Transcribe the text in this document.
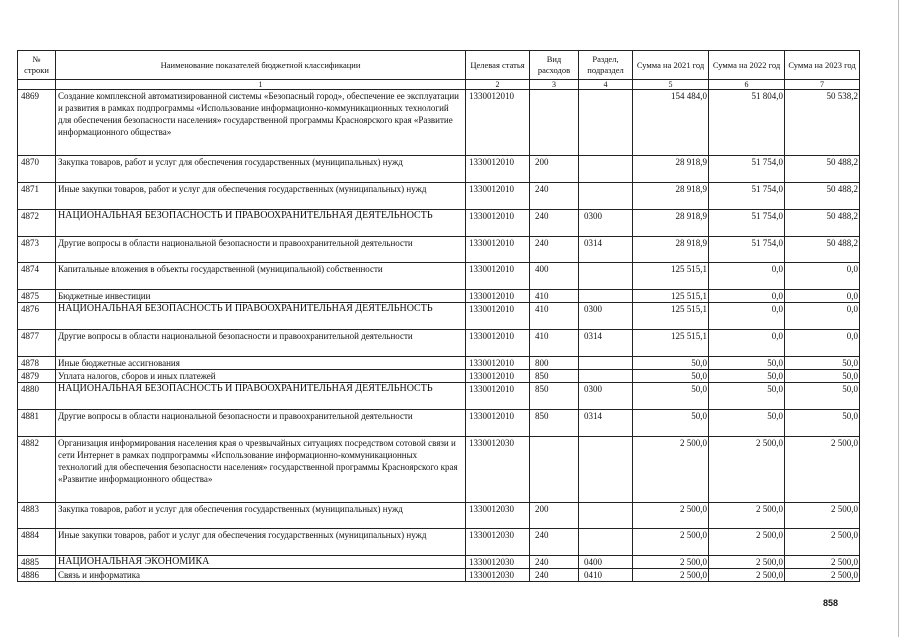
№ строки	Наименование показателей бюджетной классификации	Целевая статья	Вид расходов	Раздел, подраздел	Сумма на 2021 год	Сумма на 2022 год	Сумма на 2023 год
	1	2	3	4	5	6	7
4869	Создание комплексной автоматизированной системы «Безопасный город», обеспечение ее эксплуатации и развития в рамках подпрограммы «Использование информационно-коммуникационных технологий для обеспечения безопасности населения» государственной программы Красноярского края «Развитие информационного общества»	1330012010			154 484,0	51 804,0	50 538,2
4870	Закупка товаров, работ и услуг для обеспечения государственных (муниципальных) нужд	1330012010	200		28 918,9	51 754,0	50 488,2
4871	Иные закупки товаров, работ и услуг для обеспечения государственных (муниципальных) нужд	1330012010	240		28 918,9	51 754,0	50 488,2
4872	НАЦИОНАЛЬНАЯ БЕЗОПАСНОСТЬ И ПРАВООХРАНИТЕЛЬНАЯ ДЕЯТЕЛЬНОСТЬ	1330012010	240	0300	28 918,9	51 754,0	50 488,2
4873	Другие вопросы в области национальной безопасности и правоохранительной деятельности	1330012010	240	0314	28 918,9	51 754,0	50 488,2
4874	Капитальные вложения в объекты государственной (муниципальной) собственности	1330012010	400		125 515,1	0,0	0,0
4875	Бюджетные инвестиции	1330012010	410		125 515,1	0,0	0,0
4876	НАЦИОНАЛЬНАЯ БЕЗОПАСНОСТЬ И ПРАВООХРАНИТЕЛЬНАЯ ДЕЯТЕЛЬНОСТЬ	1330012010	410	0300	125 515,1	0,0	0,0
4877	Другие вопросы в области национальной безопасности и правоохранительной деятельности	1330012010	410	0314	125 515,1	0,0	0,0
4878	Иные бюджетные ассигнования	1330012010	800		50,0	50,0	50,0
4879	Уплата налогов, сборов и иных платежей	1330012010	850		50,0	50,0	50,0
4880	НАЦИОНАЛЬНАЯ БЕЗОПАСНОСТЬ И ПРАВООХРАНИТЕЛЬНАЯ ДЕЯТЕЛЬНОСТЬ	1330012010	850	0300	50,0	50,0	50,0
4881	Другие вопросы в области национальной безопасности и правоохранительной деятельности	1330012010	850	0314	50,0	50,0	50,0
4882	Организация информирования населения края о чрезвычайных ситуациях посредством сотовой связи и сети Интернет в рамках подпрограммы «Использование информационно-коммуникационных технологий для обеспечения безопасности населения» государственной программы Красноярского края «Развитие информационного общества»	1330012030			2 500,0	2 500,0	2 500,0
4883	Закупка товаров, работ и услуг для обеспечения государственных (муниципальных) нужд	1330012030	200		2 500,0	2 500,0	2 500,0
4884	Иные закупки товаров, работ и услуг для обеспечения государственных (муниципальных) нужд	1330012030	240		2 500,0	2 500,0	2 500,0
4885	НАЦИОНАЛЬНАЯ ЭКОНОМИКА	1330012030	240	0400	2 500,0	2 500,0	2 500,0
4886	Связь и информатика	1330012030	240	0410	2 500,0	2 500,0	2 500,0
858
